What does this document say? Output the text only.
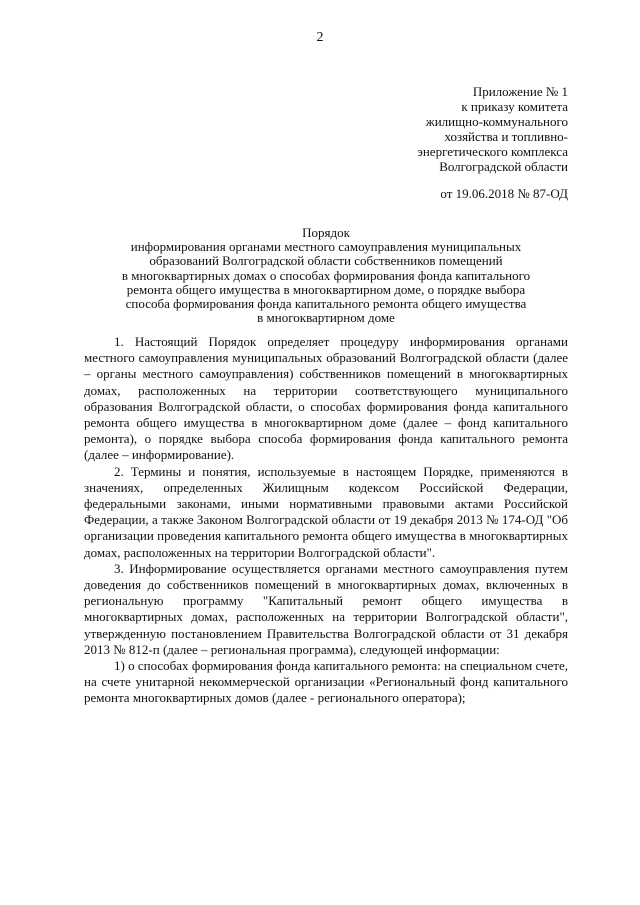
2
Приложение № 1
к приказу комитета
жилищно-коммунального
хозяйства и топливно-
энергетического комплекса
Волгоградской области
от 19.06.2018 № 87-ОД
Порядок
информирования органами местного самоуправления муниципальных
образований Волгоградской области собственников помещений
в многоквартирных домах о способах формирования фонда капитального
ремонта общего имущества в многоквартирном доме, о порядке выбора
способа формирования фонда капитального ремонта общего имущества
в многоквартирном доме

1. Настоящий Порядок определяет процедуру информирования органами местного самоуправления муниципальных образований Волгоградской области (далее – органы местного самоуправления) собственников помещений в многоквартирных домах, расположенных на территории соответствующего муниципального образования Волгоградской области, о способах формирования фонда капитального ремонта общего имущества в многоквартирном доме (далее – фонд капитального ремонта), о порядке выбора способа формирования фонда капитального ремонта (далее – информирование).

2. Термины и понятия, используемые в настоящем Порядке, применяются в значениях, определенных Жилищным кодексом Российской Федерации, федеральными законами, иными нормативными правовыми актами Российской Федерации, а также Законом Волгоградской области от 19 декабря 2013 № 174-ОД "Об организации проведения капитального ремонта общего имущества в многоквартирных домах, расположенных на территории Волгоградской области".

3. Информирование осуществляется органами местного самоуправления путем доведения до собственников помещений в многоквартирных домах, включенных в региональную программу "Капитальный ремонт общего имущества в многоквартирных домах, расположенных на территории Волгоградской области", утвержденную постановлением Правительства Волгоградской области от 31 декабря 2013 № 812-п (далее – региональная программа), следующей информации:

1) о способах формирования фонда капитального ремонта: на специальном счете, на счете унитарной некоммерческой организации «Региональный фонд капитального ремонта многоквартирных домов (далее - регионального оператора);
